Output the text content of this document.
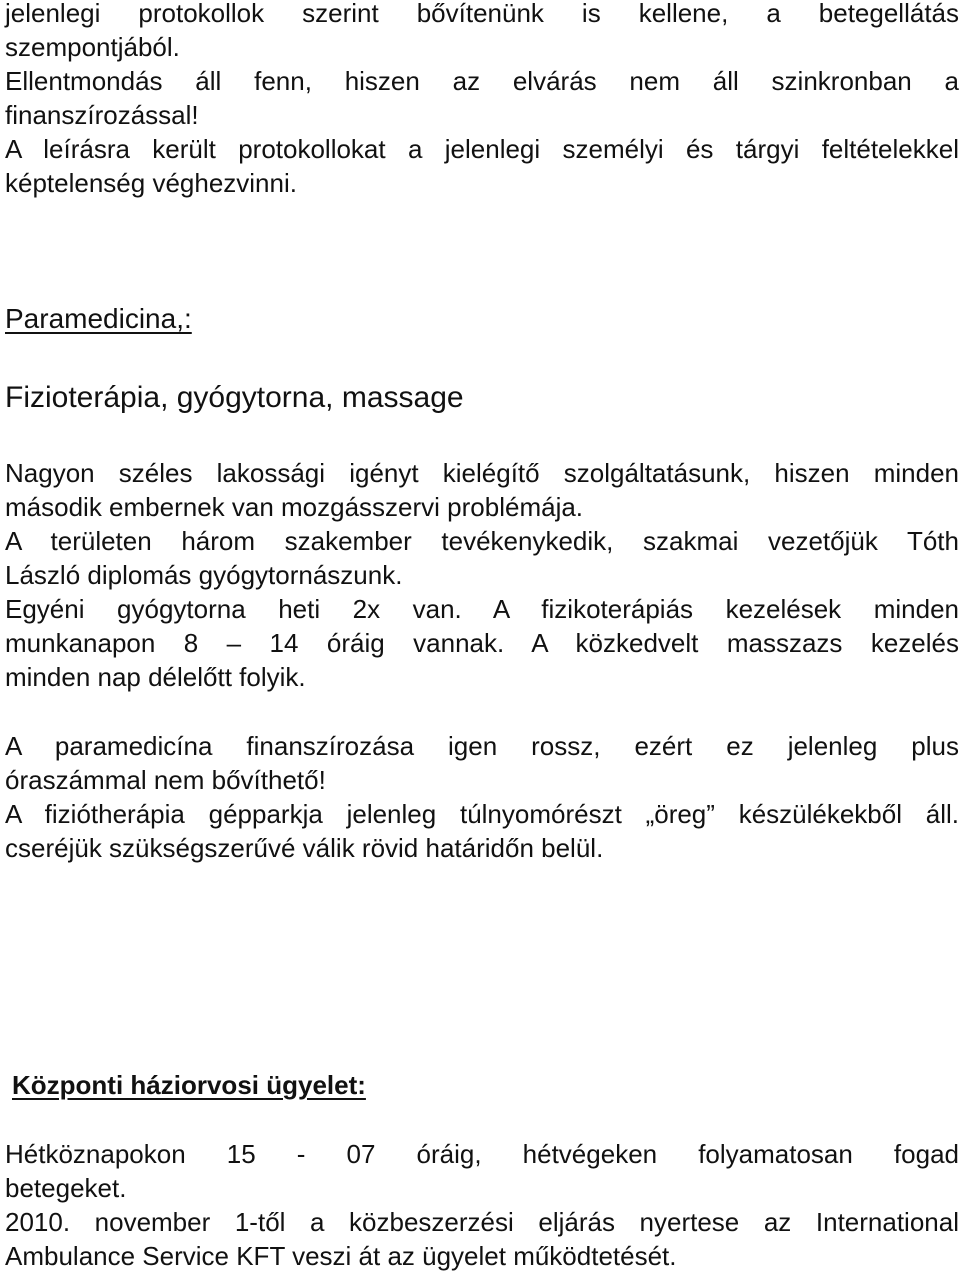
jelenlegi protokollok szerint bővítenünk is kellene, a betegellátás

szempontjából.

Ellentmondás áll fenn, hiszen az elvárás nem áll szinkronban a

finanszírozással!

A leírásra került protokollokat a jelenlegi személyi és tárgyi feltételekkel

képtelenség véghezvinni.

Paramedicina,:

Fizioterápia, gyógytorna, massage

Nagyon széles lakossági igényt kielégítő szolgáltatásunk, hiszen minden

második embernek van mozgásszervi problémája.

A területen három szakember tevékenykedik, szakmai vezetőjük Tóth

László diplomás gyógytornászunk.

Egyéni gyógytorna heti 2x van. A fizikoterápiás kezelések minden

munkanapon 8 – 14 óráig vannak. A közkedvelt masszazs kezelés

minden nap délelőtt folyik.

A paramedicína finanszírozása igen rossz, ezért ez jelenleg plus

óraszámmal nem bővíthető!

A fiziótherápia gépparkja jelenleg túlnyomórészt „öreg” készülékekből áll.

cseréjük szükségszerűvé válik rövid határidőn belül.

Központi háziorvosi ügyelet:

Hétköznapokon 15 - 07 óráig, hétvégeken folyamatosan fogad

betegeket.

2010. november 1-től a közbeszerzési eljárás nyertese az International

Ambulance Service KFT veszi át az ügyelet működtetését.
